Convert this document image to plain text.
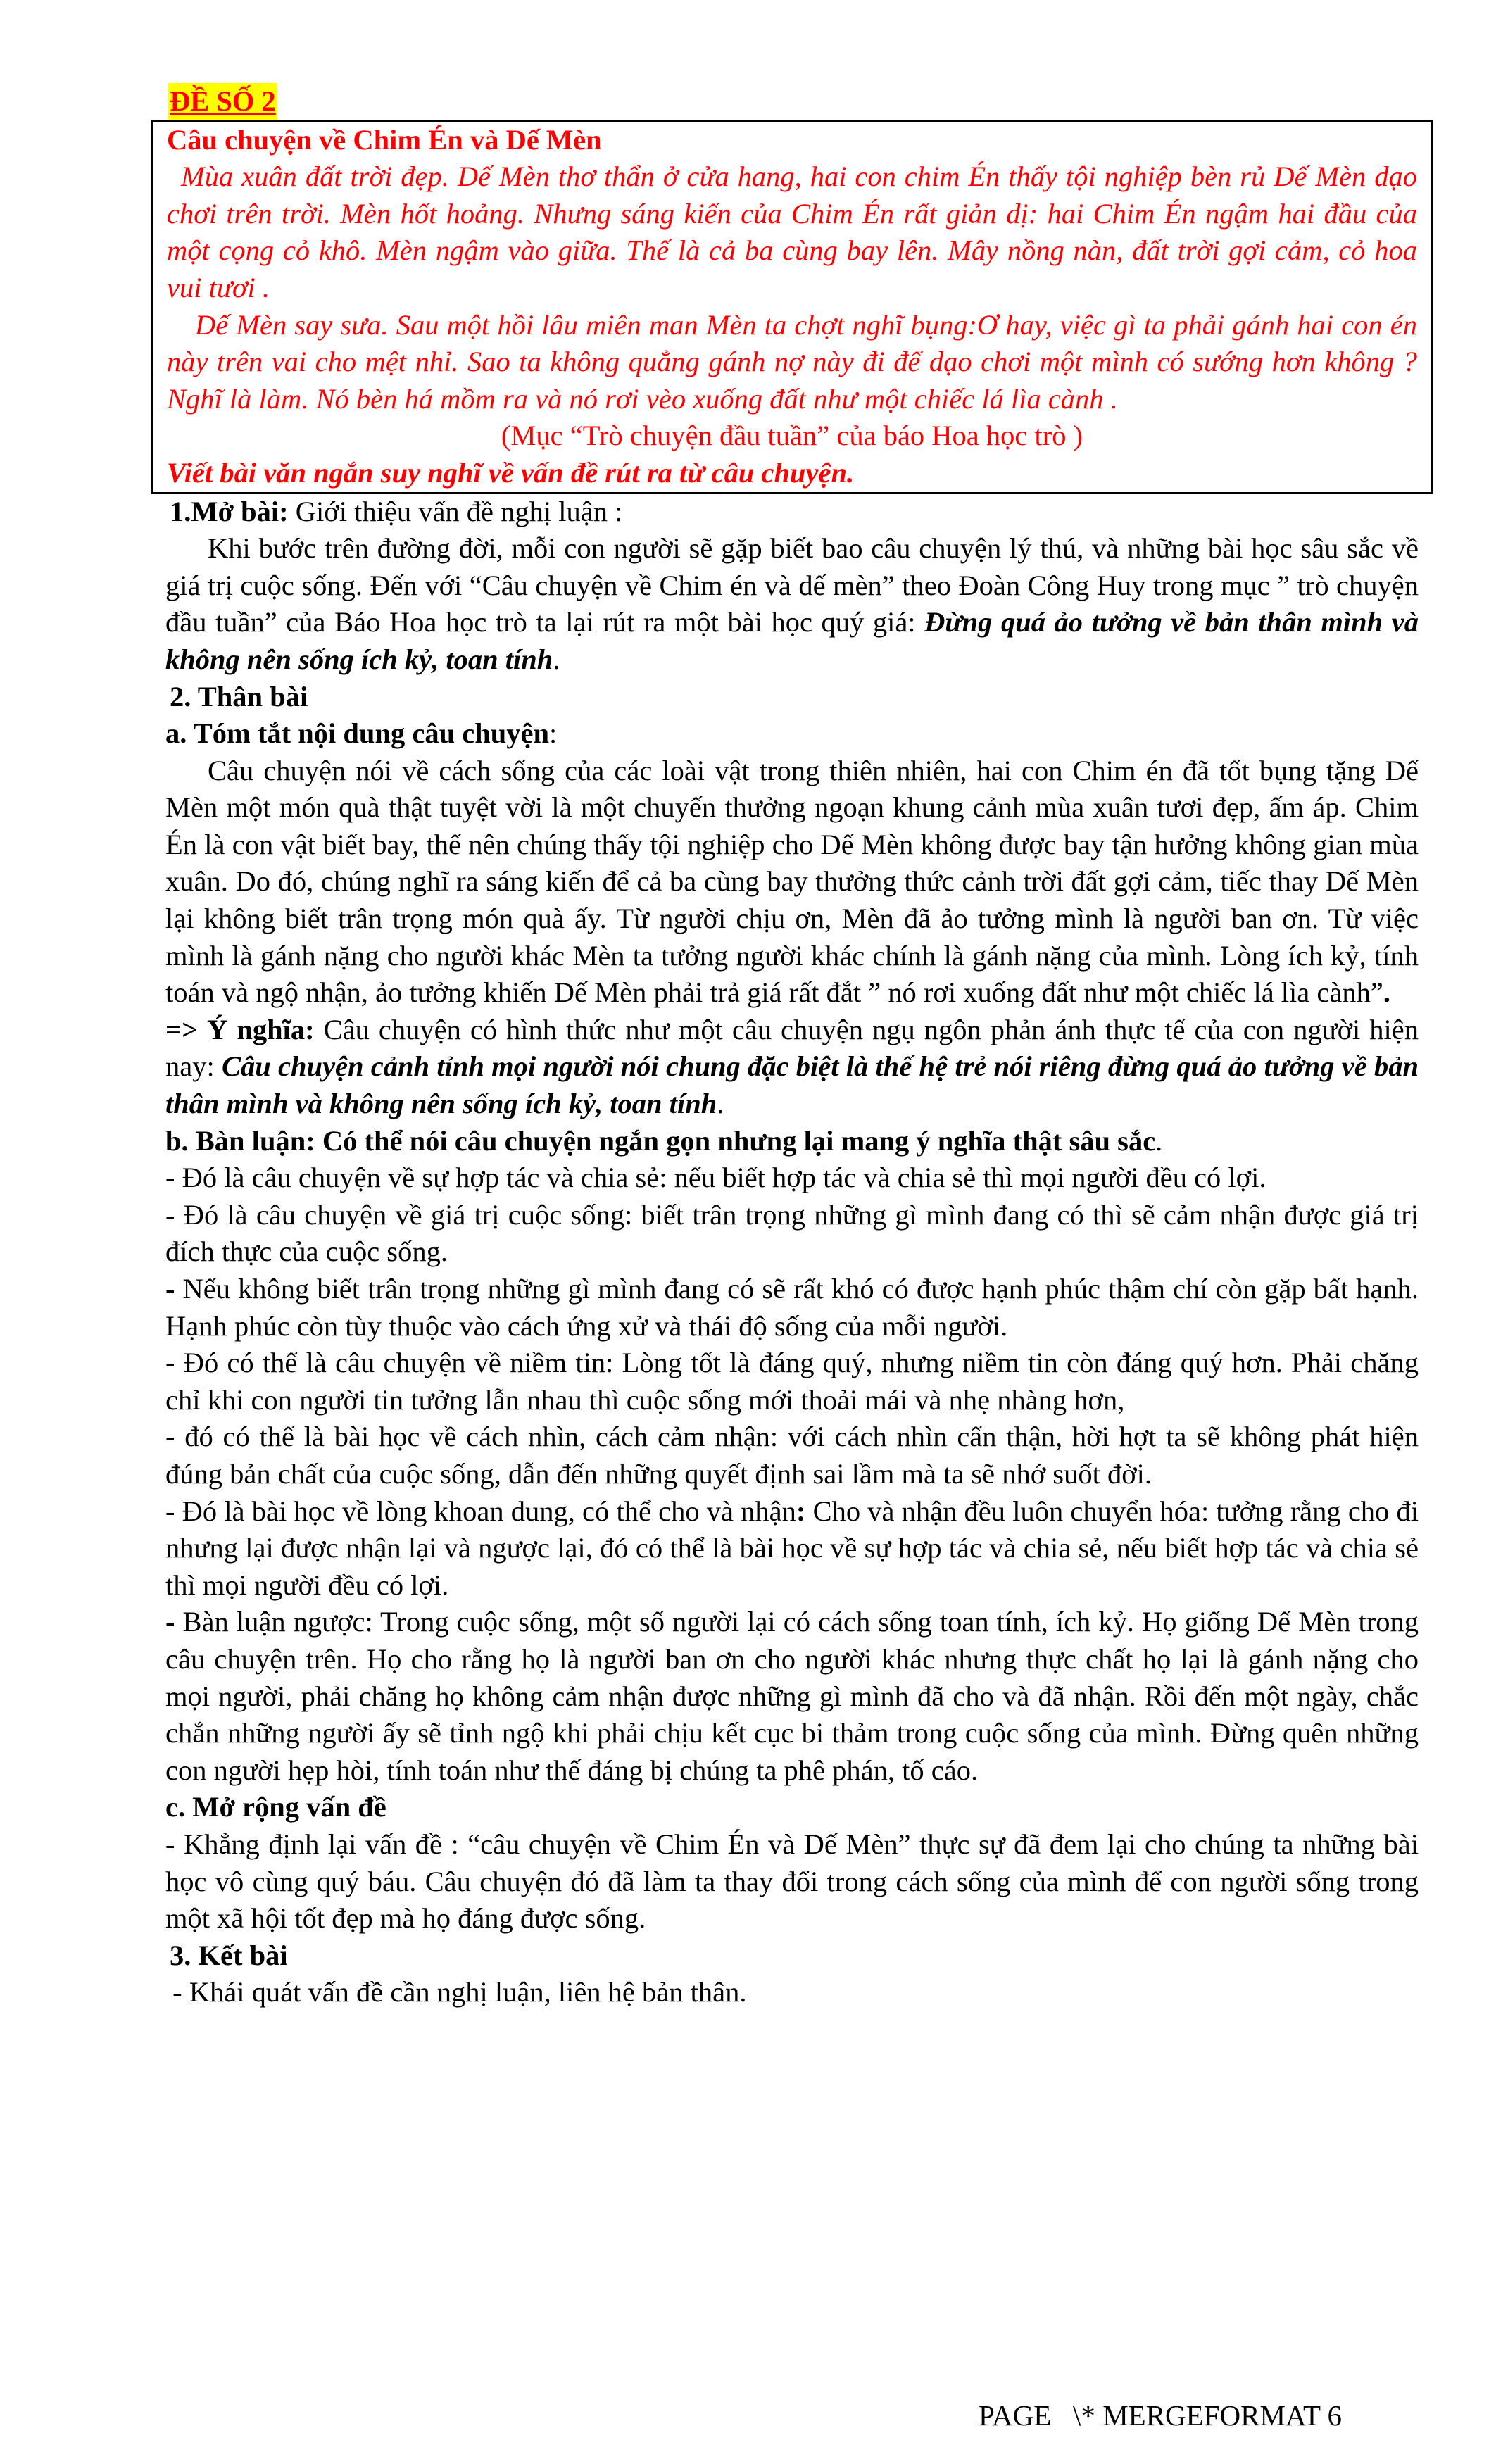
ĐỀ SỐ 2

Câu chuyện về Chim Én và Dế Mèn

Mùa xuân đất trời đẹp. Dế Mèn thơ thẩn ở cửa hang, hai con chim Én thấy tội nghiệp bèn rủ Dế Mèn dạo chơi trên trời. Mèn hốt hoảng. Nhưng sáng kiến của Chim Én rất giản dị: hai Chim Én ngậm hai đầu của một cọng cỏ khô. Mèn ngậm vào giữa. Thế là cả ba cùng bay lên. Mây nồng nàn, đất trời gợi cảm, cỏ hoa vui tươi .

Dế Mèn say sưa. Sau một hồi lâu miên man Mèn ta chợt nghĩ bụng:Ơ hay, việc gì ta phải gánh hai con én này trên vai cho mệt nhỉ. Sao ta không quẳng gánh nợ này đi để dạo chơi một mình có sướng hơn không ? Nghĩ là làm. Nó bèn há mồm ra và nó rơi vèo xuống đất như một chiếc lá lìa cành .

(Mục “Trò chuyện đầu tuần” của báo Hoa học trò )

Viết bài văn ngắn suy nghĩ về vấn đề rút ra từ câu chuyện.

1.Mở bài: Giới thiệu vấn đề nghị luận :

Khi bước trên đường đời, mỗi con người sẽ gặp biết bao câu chuyện lý thú, và những bài học sâu sắc về giá trị cuộc sống. Đến với “Câu chuyện về Chim én và dế mèn” theo Đoàn Công Huy trong mục ” trò chuyện đầu tuần” của Báo Hoa học trò ta lại rút ra một bài học quý giá: Đừng quá ảo tưởng về bản thân mình và không nên sống ích kỷ, toan tính.

2. Thân bài

a. Tóm tắt nội dung câu chuyện:

Câu chuyện nói về cách sống của các loài vật trong thiên nhiên, hai con Chim én đã tốt bụng tặng Dế Mèn một món quà thật tuyệt vời là một chuyến thưởng ngoạn khung cảnh mùa xuân tươi đẹp, ấm áp. Chim Én là con vật biết bay, thế nên chúng thấy tội nghiệp cho Dế Mèn không được bay tận hưởng không gian mùa xuân. Do đó, chúng nghĩ ra sáng kiến để cả ba cùng bay thưởng thức cảnh trời đất gợi cảm, tiếc thay Dế Mèn lại không biết trân trọng món quà ấy. Từ người chịu ơn, Mèn đã ảo tưởng mình là người ban ơn. Từ việc mình là gánh nặng cho người khác Mèn ta tưởng người khác chính là gánh nặng của mình. Lòng ích kỷ, tính toán và ngộ nhận, ảo tưởng khiến Dế Mèn phải trả giá rất đắt ” nó rơi xuống đất như một chiếc lá lìa cành”.

=> Ý nghĩa: Câu chuyện có hình thức như một câu chuyện ngụ ngôn phản ánh thực tế của con người hiện nay: Câu chuyện cảnh tỉnh mọi người nói chung đặc biệt là thế hệ trẻ nói riêng đừng quá ảo tưởng về bản thân mình và không nên sống ích kỷ, toan tính.

b. Bàn luận: Có thể nói câu chuyện ngắn gọn nhưng lại mang ý nghĩa thật sâu sắc.

- Đó là câu chuyện về sự hợp tác và chia sẻ: nếu biết hợp tác và chia sẻ thì mọi người đều có lợi.

- Đó là câu chuyện về giá trị cuộc sống: biết trân trọng những gì mình đang có thì sẽ cảm nhận được giá trị đích thực của cuộc sống.

- Nếu không biết trân trọng những gì mình đang có sẽ rất khó có được hạnh phúc thậm chí còn gặp bất hạnh. Hạnh phúc còn tùy thuộc vào cách ứng xử và thái độ sống của mỗi người.

- Đó có thể là câu chuyện về niềm tin: Lòng tốt là đáng quý, nhưng niềm tin còn đáng quý hơn. Phải chăng chỉ khi con người tin tưởng lẫn nhau thì cuộc sống mới thoải mái và nhẹ nhàng hơn,

- đó có thể là bài học về cách nhìn, cách cảm nhận: với cách nhìn cẩn thận, hời hợt ta sẽ không phát hiện đúng bản chất của cuộc sống, dẫn đến những quyết định sai lầm mà ta sẽ nhớ suốt đời.

- Đó là bài học về lòng khoan dung, có thể cho và nhận: Cho và nhận đều luôn chuyển hóa: tưởng rằng cho đi nhưng lại được nhận lại và ngược lại, đó có thể là bài học về sự hợp tác và chia sẻ, nếu biết hợp tác và chia sẻ thì mọi người đều có lợi.

- Bàn luận ngược: Trong cuộc sống, một số người lại có cách sống toan tính, ích kỷ. Họ giống Dế Mèn trong câu chuyện trên. Họ cho rằng họ là người ban ơn cho người khác nhưng thực chất họ lại là gánh nặng cho mọi người, phải chăng họ không cảm nhận được những gì mình đã cho và đã nhận. Rồi đến một ngày, chắc chắn những người ấy sẽ tỉnh ngộ khi phải chịu kết cục bi thảm trong cuộc sống của mình. Đừng quên những con người hẹp hòi, tính toán như thế đáng bị chúng ta phê phán, tố cáo.

c. Mở rộng vấn đề

- Khẳng định lại vấn đề : “câu chuyện về Chim Én và Dế Mèn” thực sự đã đem lại cho chúng ta những bài học vô cùng quý báu. Câu chuyện đó đã làm ta thay đổi trong cách sống của mình để con người sống trong một xã hội tốt đẹp mà họ đáng được sống.

3. Kết bài

- Khái quát vấn đề cần nghị luận, liên hệ bản thân.

PAGE   \* MERGEFORMAT 6
